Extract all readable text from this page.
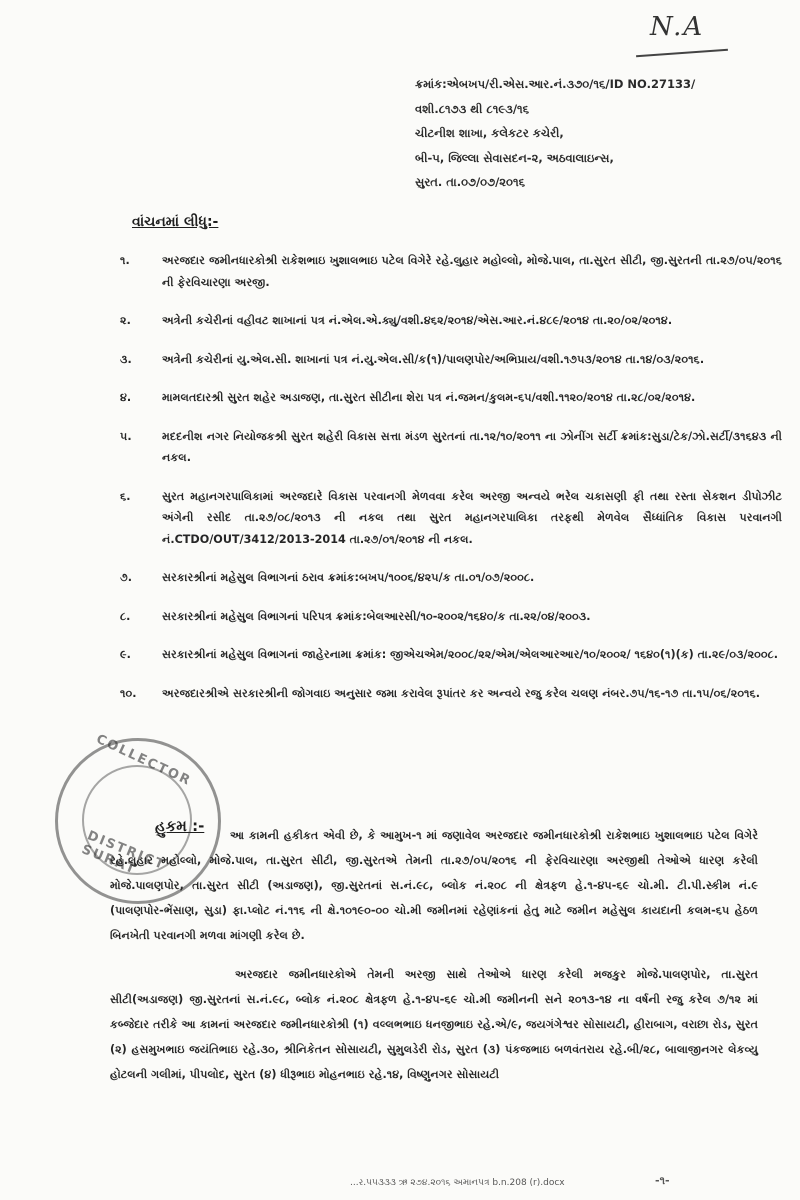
N.A
ક્રમાંક:એબખપ/રી.એસ.આર.નં.૩૭૦/૧૬/ID NO.27133/
વશી.૮૧૭૩ થી ૮૧૯૩/૧૬
ચીટનીશ શાખા, કલેકટર કચેરી,
બી-૫, જિલ્લા સેવાસદન-૨, અઠવાલાઇન્સ,
સુરત. તા.૦૭/૦૭/૨૦૧૬
વાંચનમાં લીધુ:-
૧.	અરજદાર જમીનધારકોશ્રી રાકેશભાઇ ખુશાલભાઇ પટેલ વિગેરે રહે.લુહાર મહોલ્લો, મોજે.પાલ, તા.સુરત સીટી, જી.સુરતની તા.૨૭/૦૫/૨૦૧૬ ની ફેરવિચારણા અરજી.
૨.	અત્રેની કચેરીનાં વહીવટ શાખાનાં પત્ર નં.એલ.એ.ક્યુ/વશી.૪૬૨/૨૦૧૪/એસ.આર.નં.૪૮૯/૨૦૧૪ તા.૨૦/૦૨/૨૦૧૪.
૩.	અત્રેની કચેરીનાં યુ.એલ.સી. શાખાનાં પત્ર નં.યુ.એલ.સી/ક(૧)/પાલણપોર/અભિપ્રાય/વશી.૧૭૫૩/૨૦૧૪ તા.૧૪/૦૩/૨૦૧૬.
૪.	મામલતદારશ્રી સુરત શહેર અડાજણ, તા.સુરત સીટીના શેરા પત્ર નં.જમન/કુલમ-૬૫/વશી.૧૧૨૦/૨૦૧૪ તા.૨૮/૦૨/૨૦૧૪.
૫.	મદદનીશ નગર નિયોજકશ્રી સુરત શહેરી વિકાસ સત્તા મંડળ સુરતનાં તા.૧૨/૧૦/૨૦૧૧ ના ઝોનીંગ સર્ટી ક્રમાંક:સુડા/ટેક/ઝો.સર્ટી/૩૧૬૪૩ ની નકલ.
૬.	સુરત મહાનગરપાલિકામાં અરજદારે વિકાસ પરવાનગી મેળવવા કરેલ અરજી અન્વયે ભરેલ ચકાસણી ફી તથા રસ્તા સેકશન ડીપોઝીટ અંગેની રસીદ તા.૨૭/૦૮/૨૦૧૩ ની નકલ તથા સુરત મહાનગરપાલિકા તરફથી મેળવેલ સૈધ્ધાંતિક વિકાસ પરવાનગી નં.CTDO/OUT/3412/2013-2014 તા.૨૭/૦૧/૨૦૧૪ ની નકલ.
૭.	સરકારશ્રીનાં મહેસુલ વિભાગનાં ઠરાવ ક્રમાંક:બખપ/૧૦૦૬/૪૨૫/ક તા.૦૧/૦૭/૨૦૦૮.
૮.	સરકારશ્રીનાં મહેસુલ વિભાગનાં પરિપત્ર ક્રમાંક:બેલઆરસી/૧૦-૨૦૦૨/૧૬૪૦/ક તા.૨૨/૦૪/૨૦૦૩.
૯.	સરકારશ્રીનાં મહેસુલ વિભાગનાં જાહેરનામા ક્રમાંક: જીએચએમ/૨૦૦૮/૨૨/એમ/એલઆરઆર/૧૦/૨૦૦૨/ ૧૬૪૦(૧)(ક) તા.૨૯/૦૩/૨૦૦૮.
૧૦.	અરજદારશ્રીએ સરકારશ્રીની જોગવાઇ અનુસાર જમા કરાવેલ રૂપાંતર કર અન્વયે રજુ કરેલ ચલણ નંબર.૭૫/૧૬-૧૭ તા.૧૫/૦૬/૨૦૧૬.
COLLECTOR
DISTRICT SURAT
હુકમ :-
આ કામની હકીકત એવી છે, કે આમુખ-૧ માં જણાવેલ અરજદાર જમીનધારકોશ્રી રાકેશભાઇ ખુશાલભાઇ પટેલ વિગેરે રહે.લુહાર મહોલ્લો, મોજે.પાલ, તા.સુરત સીટી, જી.સુરતએ તેમની તા.૨૭/૦૫/૨૦૧૬ ની ફેરવિચારણા અરજીથી તેઓએ ધારણ કરેલી મોજે.પાલણપોર, તા.સુરત સીટી (અડાજણ), જી.સુરતનાં સ.નં.૯૮, બ્લોક નં.૨૦૮ ની ક્ષેત્રફળ હે.૧-૪૫-૬૯ ચો.મી. ટી.પી.સ્કીમ નં.૯ (પાલણપોર-ભેંસાણ, સુડા) ફા.પ્લોટ નં.૧૧૬ ની ક્ષે.૧૦૧૯૦-૦૦ ચો.મી જમીનમાં રહેણાંકનાં હેતુ માટે જમીન મહેસુલ કાયદાની કલમ-૬૫ હેઠળ બિનખેતી પરવાનગી મળવા માંગણી કરેલ છે.
અરજદાર જમીનધારકોએ તેમની અરજી સાથે તેઓએ ધારણ કરેલી મજકુર મોજે.પાલણપોર, તા.સુરત સીટી(અડાજણ) જી.સુરતનાં સ.નં.૯૮, બ્લોક નં.૨૦૮ ક્ષેત્રફળ હે.૧-૪૫-૬૯ ચો.મી જમીનની સને ૨૦૧૩-૧૪ ના વર્ષની રજુ કરેલ ૭/૧૨ માં કબ્જેદાર તરીકે આ કામનાં અરજદાર જમીનધારકોશ્રી (૧) વલ્લભભાઇ ધનજીભાઇ રહે.એ/૯, જયગંગેશ્વર સોસાયટી, હીરાબાગ, વરાછા રોડ, સુરત (૨) હસમુખભાઇ જયંતિભાઇ રહે.૩૦, શ્રીનિકેતન સોસાયટી, સુમુલડેરી રોડ, સુરત (૩) પંકજભાઇ બળવંતરાય રહે.બી/૨૮, બાલાજીનગર લેકવ્યુ હોટલની ગલીમાં, પીપલોદ, સુરત (૪) ધીરૂભાઇ મોહનભાઇ રહે.૧૪, વિષ્ણુનગર સોસાયટી
...ર.૫૫૩૩૩ ઋ ૨૭૪.૨૦૧૬ અમાનપત્ર b.n.208 (r).docx	-૧-
